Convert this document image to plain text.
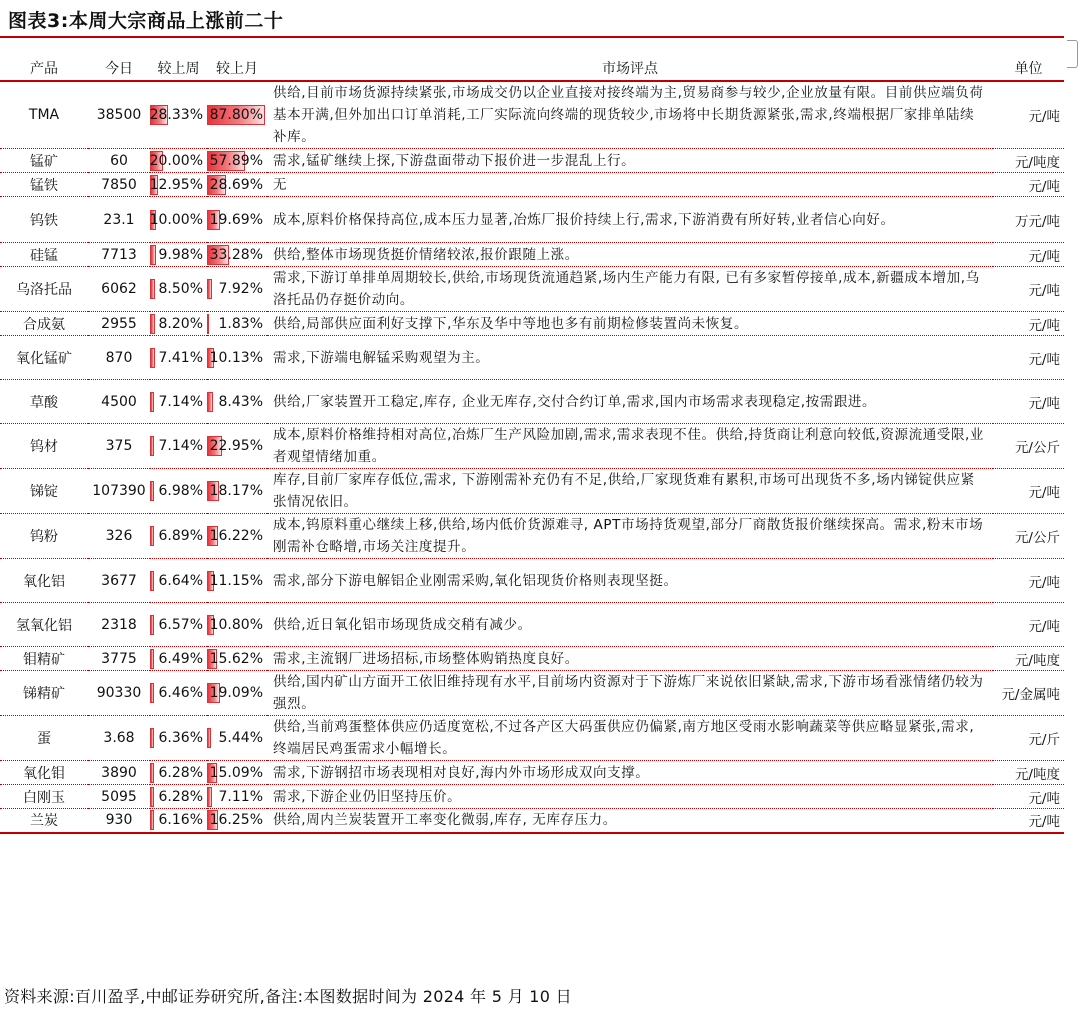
图表3:本周大宗商品上涨前二十
产品	今日	较上周	较上月	市场评点	单位
TMA	38500	28.33%	87.80%	供给,目前市场货源持续紧张,市场成交仍以企业直接对接终端为主,贸易商参与较少,企业放量有限。目前供应端负荷基本开满,但外加出口订单消耗,工厂实际流向终端的现货较少,市场将中长期货源紧张,需求,终端根据厂家排单陆续补库。	元/吨
锰矿	60	20.00%	57.89%	需求,锰矿继续上探,下游盘面带动下报价进一步混乱上行。	元/吨度
锰铁	7850	12.95%	28.69%	无	元/吨
钨铁	23.1	10.00%	19.69%	成本,原料价格保持高位,成本压力显著,冶炼厂报价持续上行,需求,下游消费有所好转,业者信心向好。	万元/吨
硅锰	7713	9.98%	33.28%	供给,整体市场现货挺价情绪较浓,报价跟随上涨。	元/吨
乌洛托品	6062	8.50%	7.92%	需求,下游订单排单周期较长,供给,市场现货流通趋紧,场内生产能力有限, 已有多家暂停接单,成本,新疆成本增加,乌洛托品仍存挺价动向。	元/吨
合成氨	2955	8.20%	1.83%	供给,局部供应面利好支撑下,华东及华中等地也多有前期检修装置尚未恢复。	元/吨
氧化锰矿	870	7.41%	10.13%	需求,下游端电解锰采购观望为主。	元/吨
草酸	4500	7.14%	8.43%	供给,厂家装置开工稳定,库存, 企业无库存,交付合约订单,需求,国内市场需求表现稳定,按需跟进。	元/吨
钨材	375	7.14%	22.95%	成本,原料价格维持相对高位,冶炼厂生产风险加剧,需求,需求表现不佳。供给,持货商让利意向较低,资源流通受限,业者观望情绪加重。	元/公斤
锑锭	107390	6.98%	18.17%	库存,目前厂家库存低位,需求, 下游刚需补充仍有不足,供给,厂家现货难有累积,市场可出现货不多,场内锑锭供应紧张情况依旧。	元/吨
钨粉	326	6.89%	16.22%	成本,钨原料重心继续上移,供给,场内低价货源难寻, APT市场持货观望,部分厂商散货报价继续探高。需求,粉末市场刚需补仓略增,市场关注度提升。	元/公斤
氧化铝	3677	6.64%	11.15%	需求,部分下游电解铝企业刚需采购,氧化铝现货价格则表现坚挺。	元/吨
氢氧化铝	2318	6.57%	10.80%	供给,近日氧化铝市场现货成交稍有减少。	元/吨
钼精矿	3775	6.49%	15.62%	需求,主流钢厂进场招标,市场整体购销热度良好。	元/吨度
锑精矿	90330	6.46%	19.09%	供给,国内矿山方面开工依旧维持现有水平,目前场内资源对于下游炼厂来说依旧紧缺,需求,下游市场看涨情绪仍较为强烈。	元/金属吨
蛋	3.68	6.36%	5.44%	供给,当前鸡蛋整体供应仍适度宽松,不过各产区大码蛋供应仍偏紧,南方地区受雨水影响蔬菜等供应略显紧张,需求,终端居民鸡蛋需求小幅增长。	元/斤
氧化钼	3890	6.28%	15.09%	需求,下游钢招市场表现相对良好,海内外市场形成双向支撑。	元/吨度
白刚玉	5095	6.28%	7.11%	需求,下游企业仍旧坚持压价。	元/吨
兰炭	930	6.16%	16.25%	供给,周内兰炭装置开工率变化微弱,库存, 无库存压力。	元/吨
资料来源:百川盈孚,中邮证券研究所,备注:本图数据时间为 2024 年 5 月 10 日
